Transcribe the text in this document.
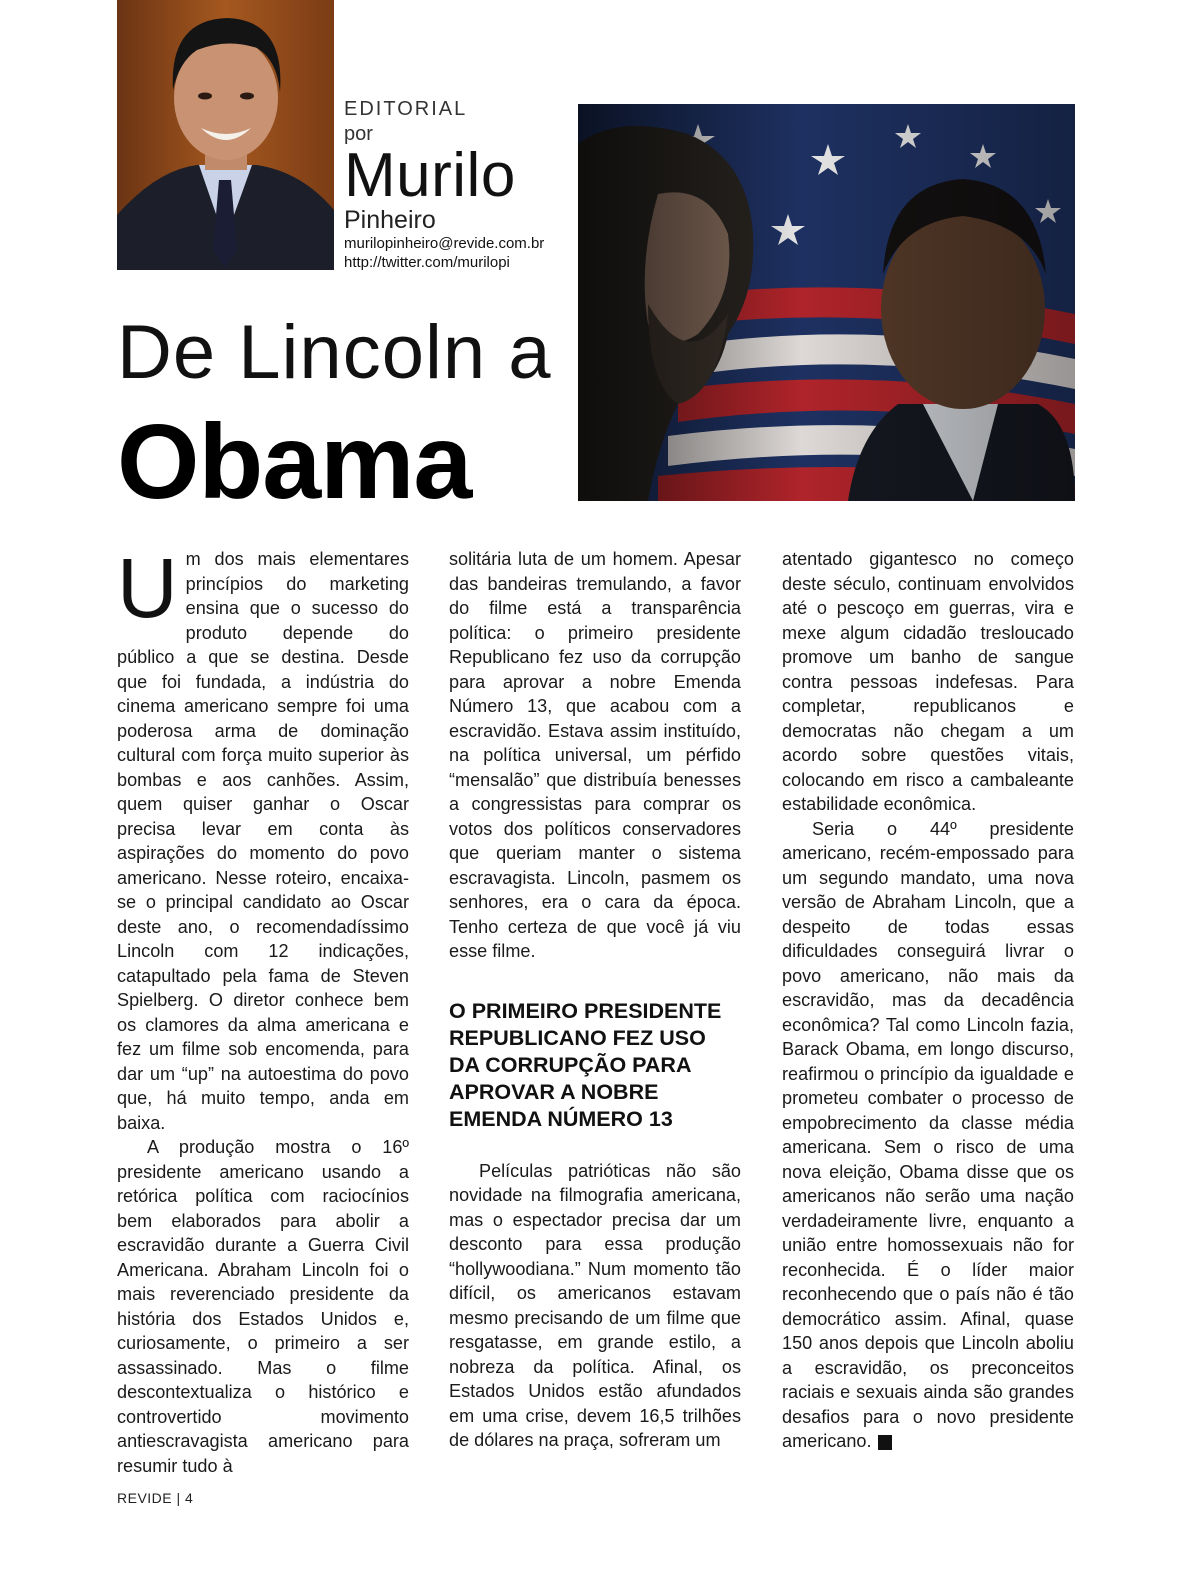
EDITORIAL
por
Murilo
Pinheiro
murilopinheiro@revide.com.br
http://twitter.com/murilopi
De Lincoln a
Obama

Um dos mais elementares princípios do marketing ensina que o sucesso do produto depende do público a que se destina. Desde que foi fundada, a indústria do cinema americano sempre foi uma poderosa arma de dominação cultural com força muito superior às bombas e aos canhões. Assim, quem quiser ganhar o Oscar precisa levar em conta às aspirações do momento do povo americano. Nesse roteiro, encaixa-se o principal candidato ao Oscar deste ano, o recomendadíssimo Lincoln com 12 indicações, catapultado pela fama de Steven Spielberg. O diretor conhece bem os clamores da alma americana e fez um filme sob encomenda, para dar um “up” na autoestima do povo que, há muito tempo, anda em baixa.

A produção mostra o 16º presidente americano usando a retórica política com raciocínios bem elaborados para abolir a escravidão durante a Guerra Civil Americana. Abraham Lincoln foi o mais reverenciado presidente da história dos Estados Unidos e, curiosamente, o primeiro a ser assassinado. Mas o filme descontextualiza o histórico e controvertido movimento antiescravagista americano para resumir tudo à

solitária luta de um homem. Apesar das bandeiras tremulando, a favor do filme está a transparência política: o primeiro presidente Republicano fez uso da corrupção para aprovar a nobre Emenda Número 13, que acabou com a escravidão. Estava assim instituído, na política universal, um pérfido “mensalão” que distribuía benesses a congressistas para comprar os votos dos políticos conservadores que queriam manter o sistema escravagista. Lincoln, pasmem os senhores, era o cara da época. Tenho certeza de que você já viu esse filme.

O PRIMEIRO PRESIDENTE REPUBLICANO FEZ USO DA CORRUPÇÃO PARA APROVAR A NOBRE EMENDA NÚMERO 13

Películas patrióticas não são novidade na filmografia americana, mas o espectador precisa dar um desconto para essa produção “hollywoodiana.” Num momento tão difícil, os americanos estavam mesmo precisando de um filme que resgatasse, em grande estilo, a nobreza da política. Afinal, os Estados Unidos estão afundados em uma crise, devem 16,5 trilhões de dólares na praça, sofreram um

atentado gigantesco no começo deste século, continuam envolvidos até o pescoço em guerras, vira e mexe algum cidadão tresloucado promove um banho de sangue contra pessoas indefesas. Para completar, republicanos e democratas não chegam a um acordo sobre questões vitais, colocando em risco a cambaleante estabilidade econômica.

Seria o 44º presidente americano, recém-empossado para um segundo mandato, uma nova versão de Abraham Lincoln, que a despeito de todas essas dificuldades conseguirá livrar o povo americano, não mais da escravidão, mas da decadência econômica? Tal como Lincoln fazia, Barack Obama, em longo discurso, reafirmou o princípio da igualdade e prometeu combater o processo de empobrecimento da classe média americana. Sem o risco de uma nova eleição, Obama disse que os americanos não serão uma nação verdadeiramente livre, enquanto a união entre homossexuais não for reconhecida. É o líder maior reconhecendo que o país não é tão democrático assim. Afinal, quase 150 anos depois que Lincoln aboliu a escravidão, os preconceitos raciais e sexuais ainda são grandes desafios para o novo presidente americano.	r

REVIDE | 4
